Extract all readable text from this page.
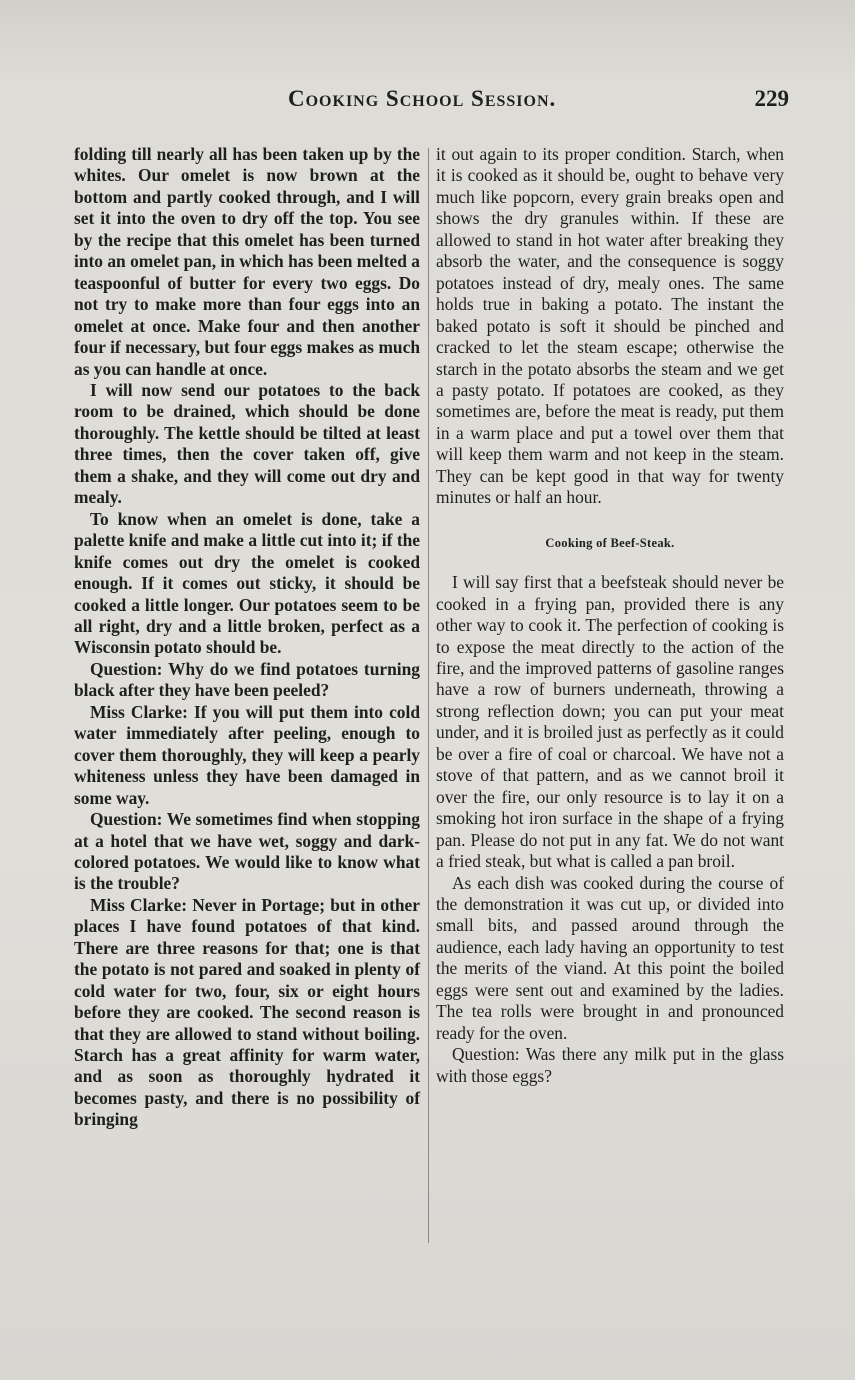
Cooking School Session.	229

folding till nearly all has been taken up by the whites. Our omelet is now brown at the bottom and partly cooked through, and I will set it into the oven to dry off the top. You see by the recipe that this omelet has been turned into an omelet pan, in which has been melted a teaspoonful of butter for every two eggs. Do not try to make more than four eggs into an omelet at once. Make four and then another four if necessary, but four eggs makes as much as you can handle at once.

I will now send our potatoes to the back room to be drained, which should be done thoroughly. The kettle should be tilted at least three times, then the cover taken off, give them a shake, and they will come out dry and mealy.

To know when an omelet is done, take a palette knife and make a little cut into it; if the knife comes out dry the omelet is cooked enough. If it comes out sticky, it should be cooked a little longer. Our potatoes seem to be all right, dry and a little broken, perfect as a Wisconsin potato should be.

Question: Why do we find potatoes turning black after they have been peeled?

Miss Clarke: If you will put them into cold water immediately after peeling, enough to cover them thoroughly, they will keep a pearly whiteness unless they have been damaged in some way.

Question: We sometimes find when stopping at a hotel that we have wet, soggy and dark-colored potatoes. We would like to know what is the trouble?

Miss Clarke: Never in Portage; but in other places I have found potatoes of that kind. There are three reasons for that; one is that the potato is not pared and soaked in plenty of cold water for two, four, six or eight hours before they are cooked. The second reason is that they are allowed to stand without boiling. Starch has a great affinity for warm water, and as soon as thoroughly hydrated it becomes pasty, and there is no possibility of bringing

it out again to its proper condition. Starch, when it is cooked as it should be, ought to behave very much like popcorn, every grain breaks open and shows the dry granules within. If these are allowed to stand in hot water after breaking they absorb the water, and the consequence is soggy potatoes instead of dry, mealy ones. The same holds true in baking a potato. The instant the baked potato is soft it should be pinched and cracked to let the steam escape; otherwise the starch in the potato absorbs the steam and we get a pasty potato. If potatoes are cooked, as they sometimes are, before the meat is ready, put them in a warm place and put a towel over them that will keep them warm and not keep in the steam. They can be kept good in that way for twenty minutes or half an hour.

Cooking of Beef-Steak.

I will say first that a beefsteak should never be cooked in a frying pan, provided there is any other way to cook it. The perfection of cooking is to expose the meat directly to the action of the fire, and the improved patterns of gasoline ranges have a row of burners underneath, throwing a strong reflection down; you can put your meat under, and it is broiled just as perfectly as it could be over a fire of coal or charcoal. We have not a stove of that pattern, and as we cannot broil it over the fire, our only resource is to lay it on a smoking hot iron surface in the shape of a frying pan. Please do not put in any fat. We do not want a fried steak, but what is called a pan broil.

As each dish was cooked during the course of the demonstration it was cut up, or divided into small bits, and passed around through the audience, each lady having an opportunity to test the merits of the viand. At this point the boiled eggs were sent out and examined by the ladies. The tea rolls were brought in and pronounced ready for the oven.

Question: Was there any milk put in the glass with those eggs?
